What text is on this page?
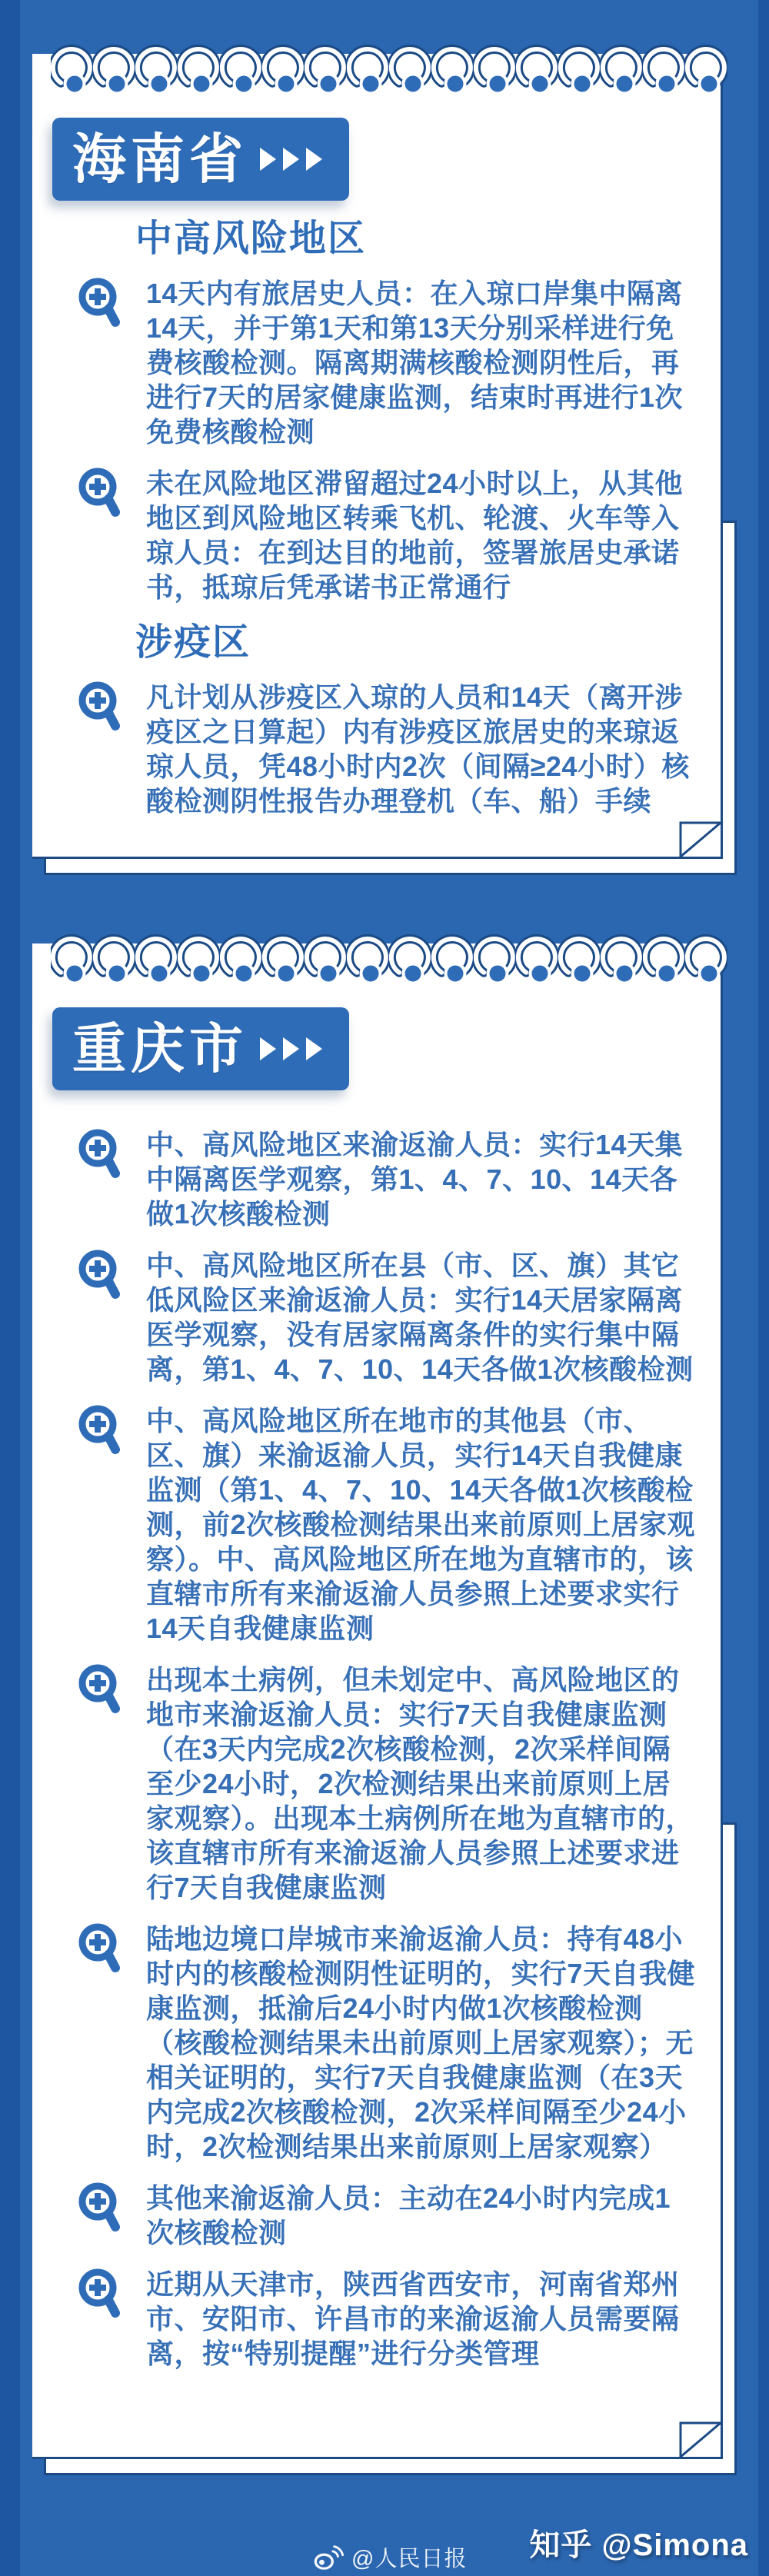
海南省
中高风险地区
14天内有旅居史人员：在入琼口岸集中隔离14天，并于第1天和第13天分别采样进行免费核酸检测。隔离期满核酸检测阴性后，再进行7天的居家健康监测，结束时再进行1次免费核酸检测
未在风险地区滞留超过24小时以上，从其他地区到风险地区转乘飞机、轮渡、火车等入琼人员：在到达目的地前，签署旅居史承诺书，抵琼后凭承诺书正常通行
涉疫区
凡计划从涉疫区入琼的人员和14天（离开涉疫区之日算起）内有涉疫区旅居史的来琼返琼人员，凭48小时内2次（间隔≥24小时）核酸检测阴性报告办理登机（车、船）手续
重庆市
中、高风险地区来渝返渝人员：实行14天集中隔离医学观察，第1、4、7、10、14天各做1次核酸检测
中、高风险地区所在县（市、区、旗）其它低风险区来渝返渝人员：实行14天居家隔离医学观察，没有居家隔离条件的实行集中隔离，第1、4、7、10、14天各做1次核酸检测
中、高风险地区所在地市的其他县（市、区、旗）来渝返渝人员，实行14天自我健康监测（第1、4、7、10、14天各做1次核酸检测，前2次核酸检测结果出来前原则上居家观察）。中、高风险地区所在地为直辖市的，该直辖市所有来渝返渝人员参照上述要求实行14天自我健康监测
出现本土病例，但未划定中、高风险地区的地市来渝返渝人员：实行7天自我健康监测（在3天内完成2次核酸检测，2次采样间隔至少24小时，2次检测结果出来前原则上居家观察）。出现本土病例所在地为直辖市的，该直辖市所有来渝返渝人员参照上述要求进行7天自我健康监测
陆地边境口岸城市来渝返渝人员：持有48小时内的核酸检测阴性证明的，实行7天自我健康监测，抵渝后24小时内做1次核酸检测（核酸检测结果未出前原则上居家观察）；无相关证明的，实行7天自我健康监测（在3天内完成2次核酸检测，2次采样间隔至少24小时，2次检测结果出来前原则上居家观察）
其他来渝返渝人员：主动在24小时内完成1次核酸检测
近期从天津市，陕西省西安市，河南省郑州市、安阳市、许昌市的来渝返渝人员需要隔离，按“特别提醒”进行分类管理
@人民日报 知乎 @Simona
